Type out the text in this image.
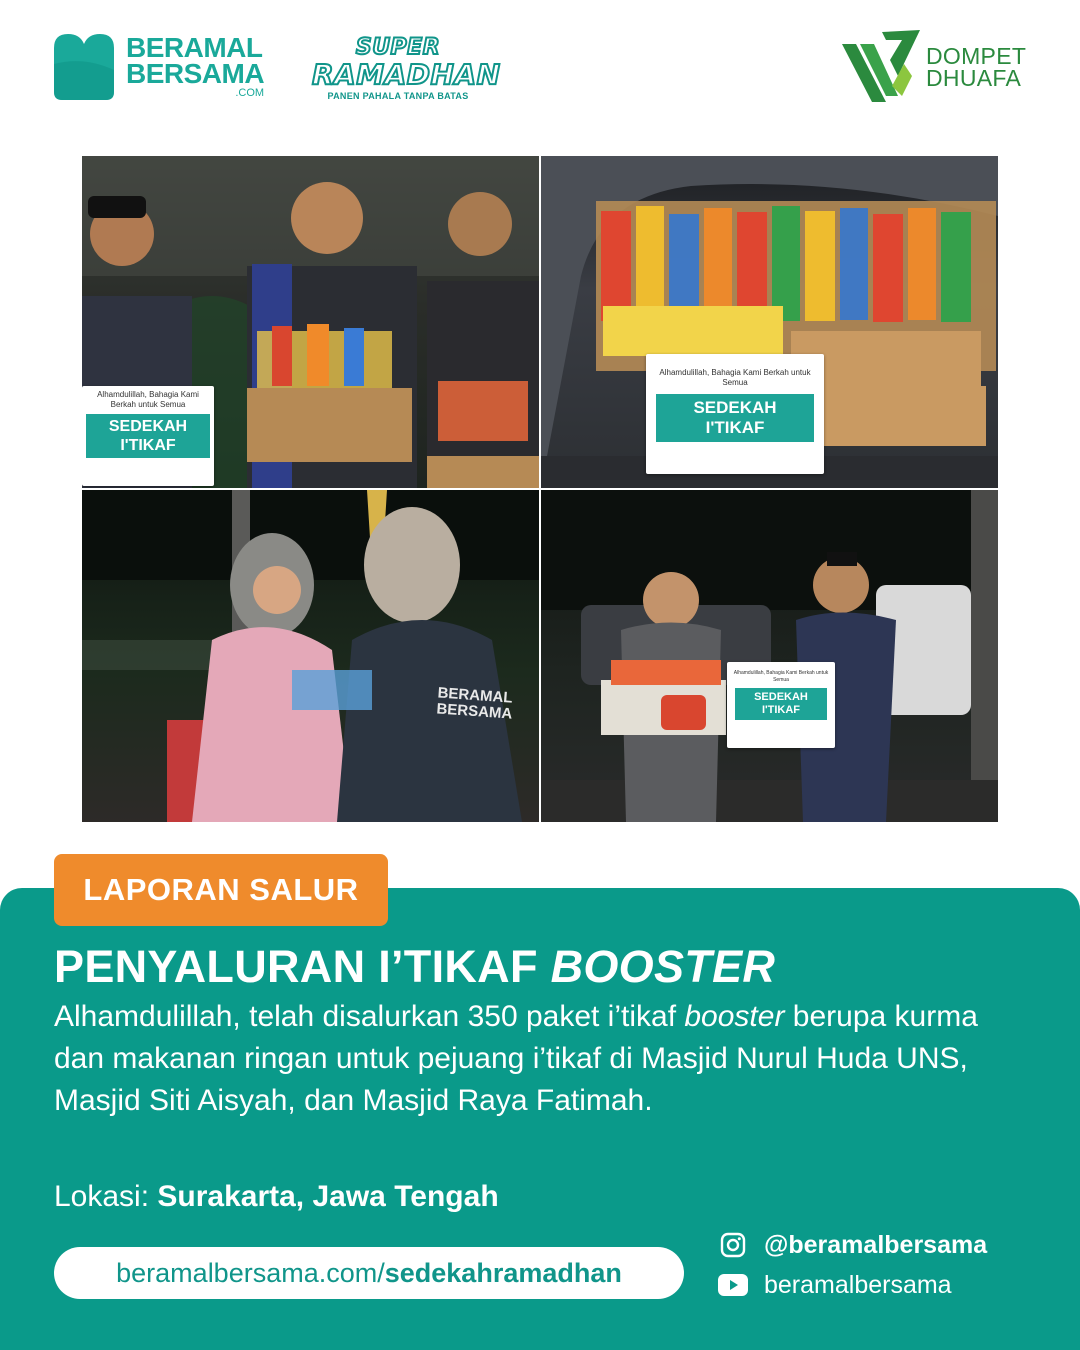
BERAMAL
BERSAMA
.COM
SUPER
RAMADHAN
PANEN PAHALA TANPA BATAS
DOMPET
DHUAFA
Alhamdulillah, Bahagia Kami Berkah untuk Semua
SEDEKAH
I'TIKAF
Alhamdulillah, Bahagia Kami Berkah untuk Semua
SEDEKAH
I'TIKAF
BERAMAL
BERSAMA
Alhamdulillah, Bahagia Kami Berkah untuk Semua
SEDEKAH
I'TIKAF
LAPORAN SALUR
PENYALURAN I’TIKAF BOOSTER
Alhamdulillah, telah disalurkan 350 paket i’tikaf booster berupa kurma dan makanan ringan untuk pejuang i’tikaf di Masjid Nurul Huda UNS, Masjid Siti Aisyah, dan Masjid Raya Fatimah.
Lokasi: Surakarta, Jawa Tengah
beramalbersama.com/ sedekahramadhan
@beramalbersama
beramalbersama
